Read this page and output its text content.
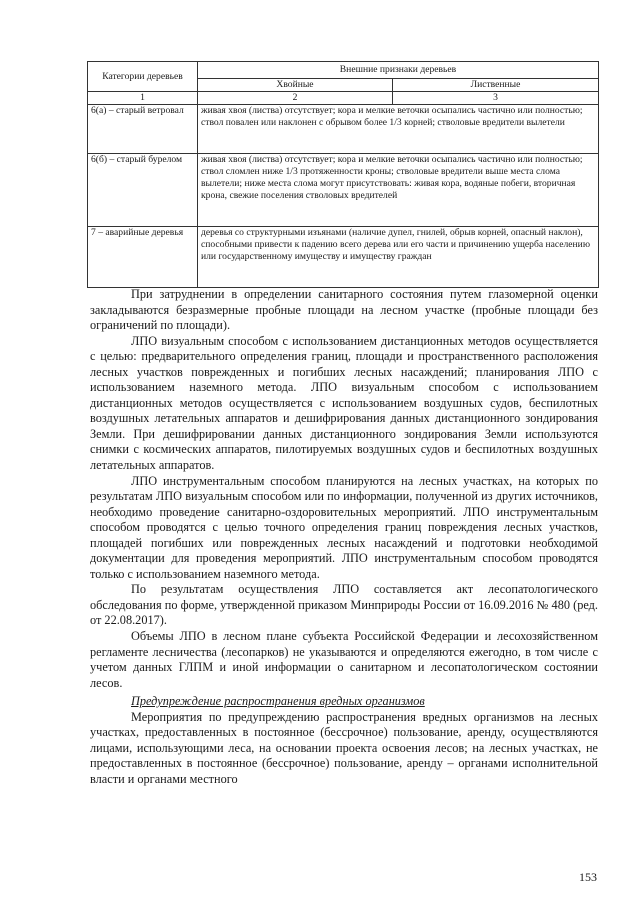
Категории деревьев	Внешние признаки деревьев	
	Хвойные	Лиственные
1	2	3
6(а) – старый ветровал	живая хвоя (листва) отсутствует; кора и мелкие веточки осыпались частично или полностью; ствол повален или наклонен с обрывом более 1/3 корней; стволовые вредители вылетели	
6(б) – старый бурелом	живая хвоя (листва) отсутствует; кора и мелкие веточки осыпались частично или полностью; ствол сломлен ниже 1/3 протяженности кроны; стволовые вредители выше места слома вылетели; ниже места слома могут присутствовать: живая кора, водяные побеги, вторичная крона, свежие поселения стволовых вредителей	
7 – аварийные деревья	деревья со структурными изъянами (наличие дупел, гнилей, обрыв корней, опасный наклон), способными привести к падению всего дерева или его части и причинению ущерба населению или государственному имуществу и имуществу граждан	

При затруднении в определении санитарного состояния путем глазомерной оценки закладываются безразмерные пробные площади на лесном участке (пробные площади без ограничений по площади).

ЛПО визуальным способом с использованием дистанционных методов осуществляется с целью: предварительного определения границ, площади и пространственного расположения лесных участков поврежденных и погибших лесных насаждений; планирования ЛПО с использованием наземного метода. ЛПО визуальным способом с использованием дистанционных методов осуществляется с использованием воздушных судов, беспилотных воздушных летательных аппаратов и дешифрирования данных дистанционного зондирования Земли. При дешифрировании данных дистанционного зондирования Земли используются снимки с космических аппаратов, пилотируемых воздушных судов и беспилотных воздушных летательных аппаратов.

ЛПО инструментальным способом планируются на лесных участках, на которых по результатам ЛПО визуальным способом или по информации, полученной из других источников, необходимо проведение санитарно-оздоровительных мероприятий. ЛПО инструментальным способом проводятся с целью точного определения границ повреждения лесных участков, площадей погибших или поврежденных лесных насаждений и подготовки необходимой документации для проведения мероприятий. ЛПО инструментальным способом проводятся только с использованием наземного метода.

По результатам осуществления ЛПО составляется акт лесопатологического обследования по форме, утвержденной приказом Минприроды России от 16.09.2016 № 480 (ред. от 22.08.2017).

Объемы ЛПО в лесном плане субъекта Российской Федерации и лесохозяйственном регламенте лесничества (лесопарков) не указываются и определяются ежегодно, в том числе с учетом данных ГЛПМ и иной информации о санитарном и лесопатологическом состоянии лесов.

Предупреждение распространения вредных организмов

Мероприятия по предупреждению распространения вредных организмов на лесных участках, предоставленных в постоянное (бессрочное) пользование, аренду, осуществляются лицами, использующими леса, на основании проекта освоения лесов; на лесных участках, не предоставленных в постоянное (бессрочное) пользование, аренду – органами исполнительной власти и органами местного

153
